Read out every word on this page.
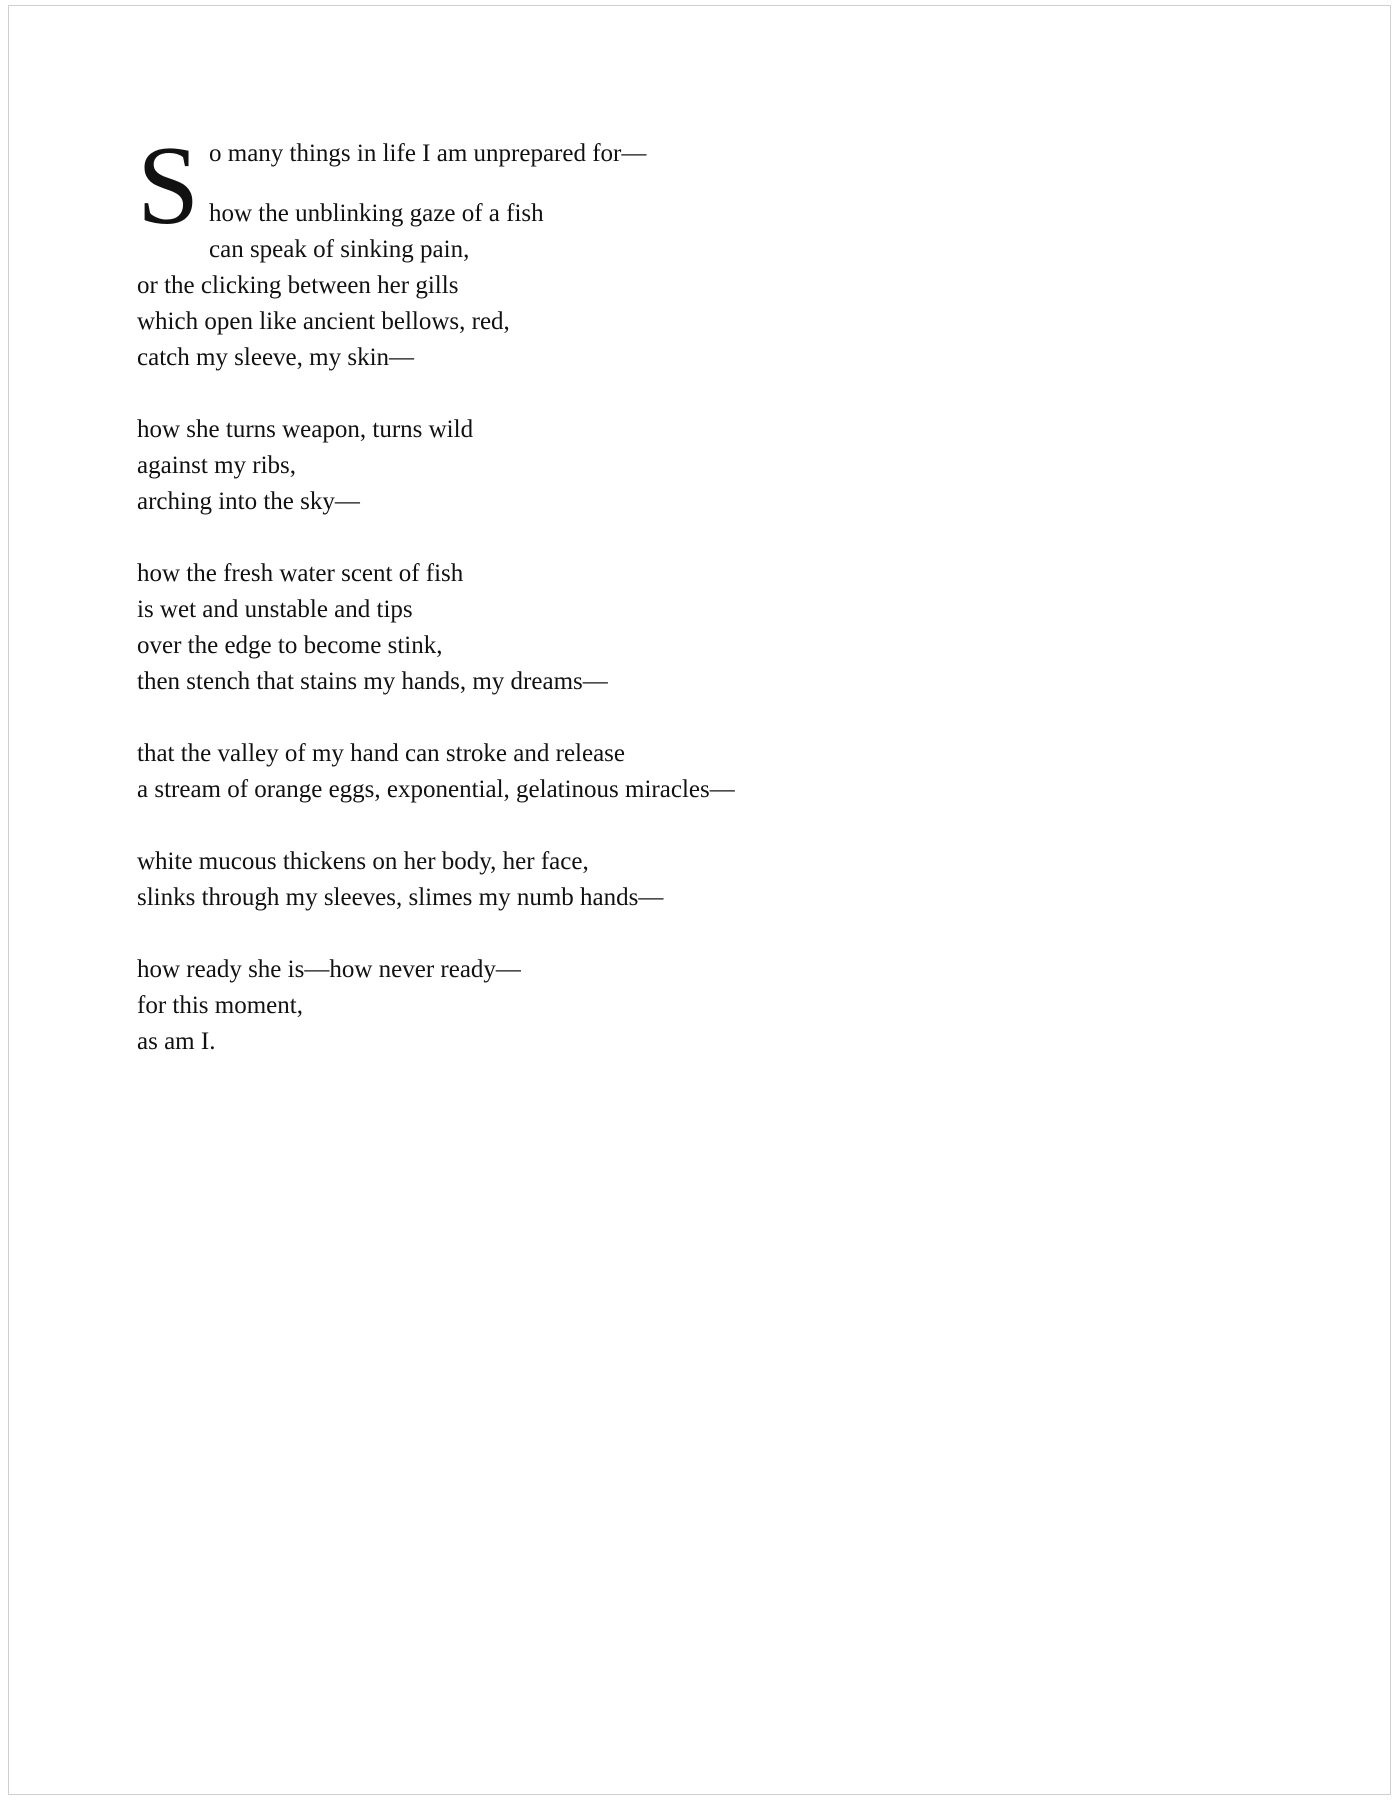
S o many things in life I am unprepared for—
how the unblinking gaze of a fish
can speak of sinking pain,
or the clicking between her gills
which open like ancient bellows, red,
catch my sleeve, my skin—
how she turns weapon, turns wild
against my ribs,
arching into the sky—
how the fresh water scent of fish
is wet and unstable and tips
over the edge to become stink,
then stench that stains my hands, my dreams—
that the valley of my hand can stroke and release
a stream of orange eggs, exponential, gelatinous miracles—
white mucous thickens on her body, her face,
slinks through my sleeves, slimes my numb hands—
how ready she is—how never ready—
for this moment,
as am I.
